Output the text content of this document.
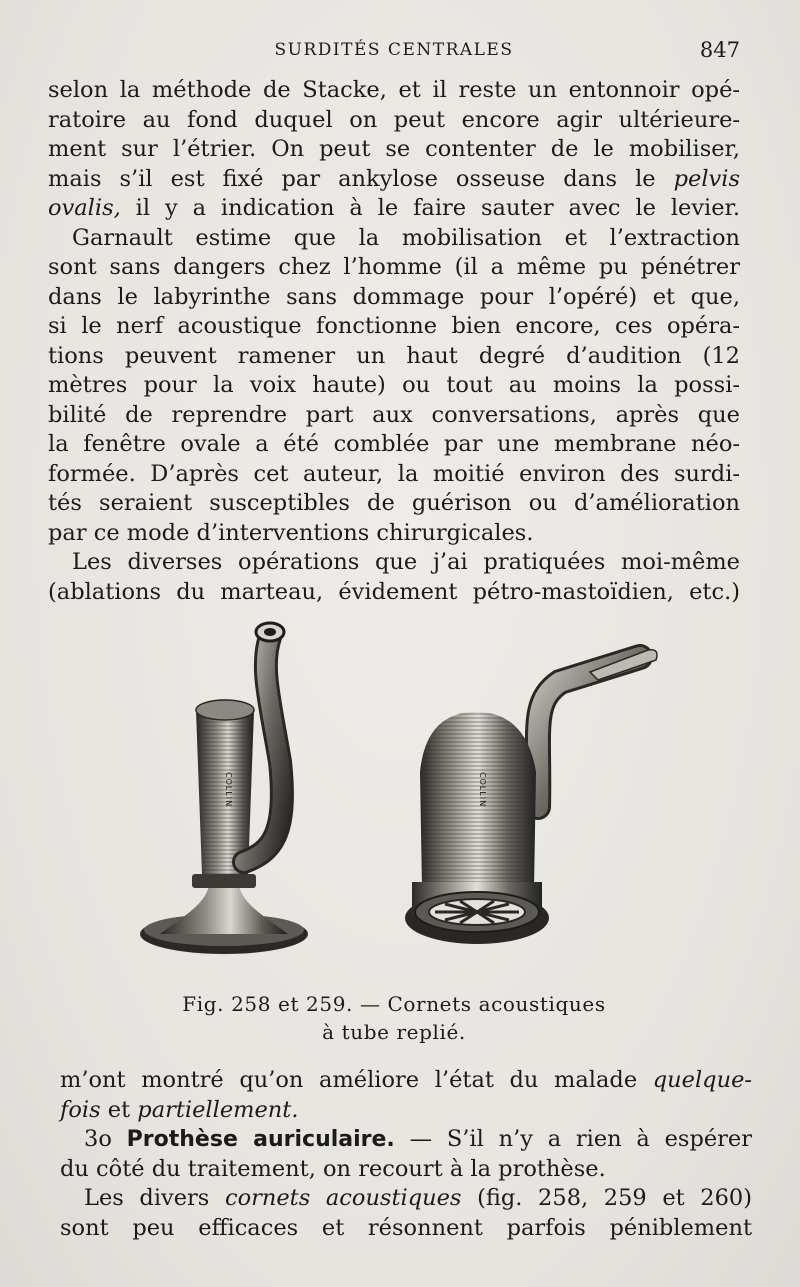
SURDITÉS CENTRALES	847
selon la méthode de Stacke, et il reste un entonnoir opé-
ratoire au fond duquel on peut encore agir ultérieure-
ment sur l’étrier. On peut se contenter de le mobiliser,
mais s’il est fixé par ankylose osseuse dans le pelvis
ovalis, il y a indication à le faire sauter avec le levier.
Garnault estime que la mobilisation et l’extraction
sont sans dangers chez l’homme (il a même pu pénétrer
dans le labyrinthe sans dommage pour l’opéré) et que,
si le nerf acoustique fonctionne bien encore, ces opéra-
tions peuvent ramener un haut degré d’audition (12
mètres pour la voix haute) ou tout au moins la possi-
bilité de reprendre part aux conversations, après que
la fenêtre ovale a été comblée par une membrane néo-
formée. D’après cet auteur, la moitié environ des surdi-
tés seraient susceptibles de guérison ou d’amélioration
par ce mode d’interventions chirurgicales.
Les diverses opérations que j’ai pratiquées moi-même
(ablations du marteau, évidement pétro-mastoïdien, etc.)
COLLIN	COLLIN
Fig. 258 et 259. — Cornets acoustiques
à tube replié.
m’ont montré qu’on améliore l’état du malade quelque-
fois et partiellement.
3o Prothèse auriculaire. — S’il n’y a rien à espérer
du côté du traitement, on recourt à la prothèse.
Les divers cornets acoustiques (fig. 258, 259 et 260)
sont peu efficaces et résonnent parfois péniblement
